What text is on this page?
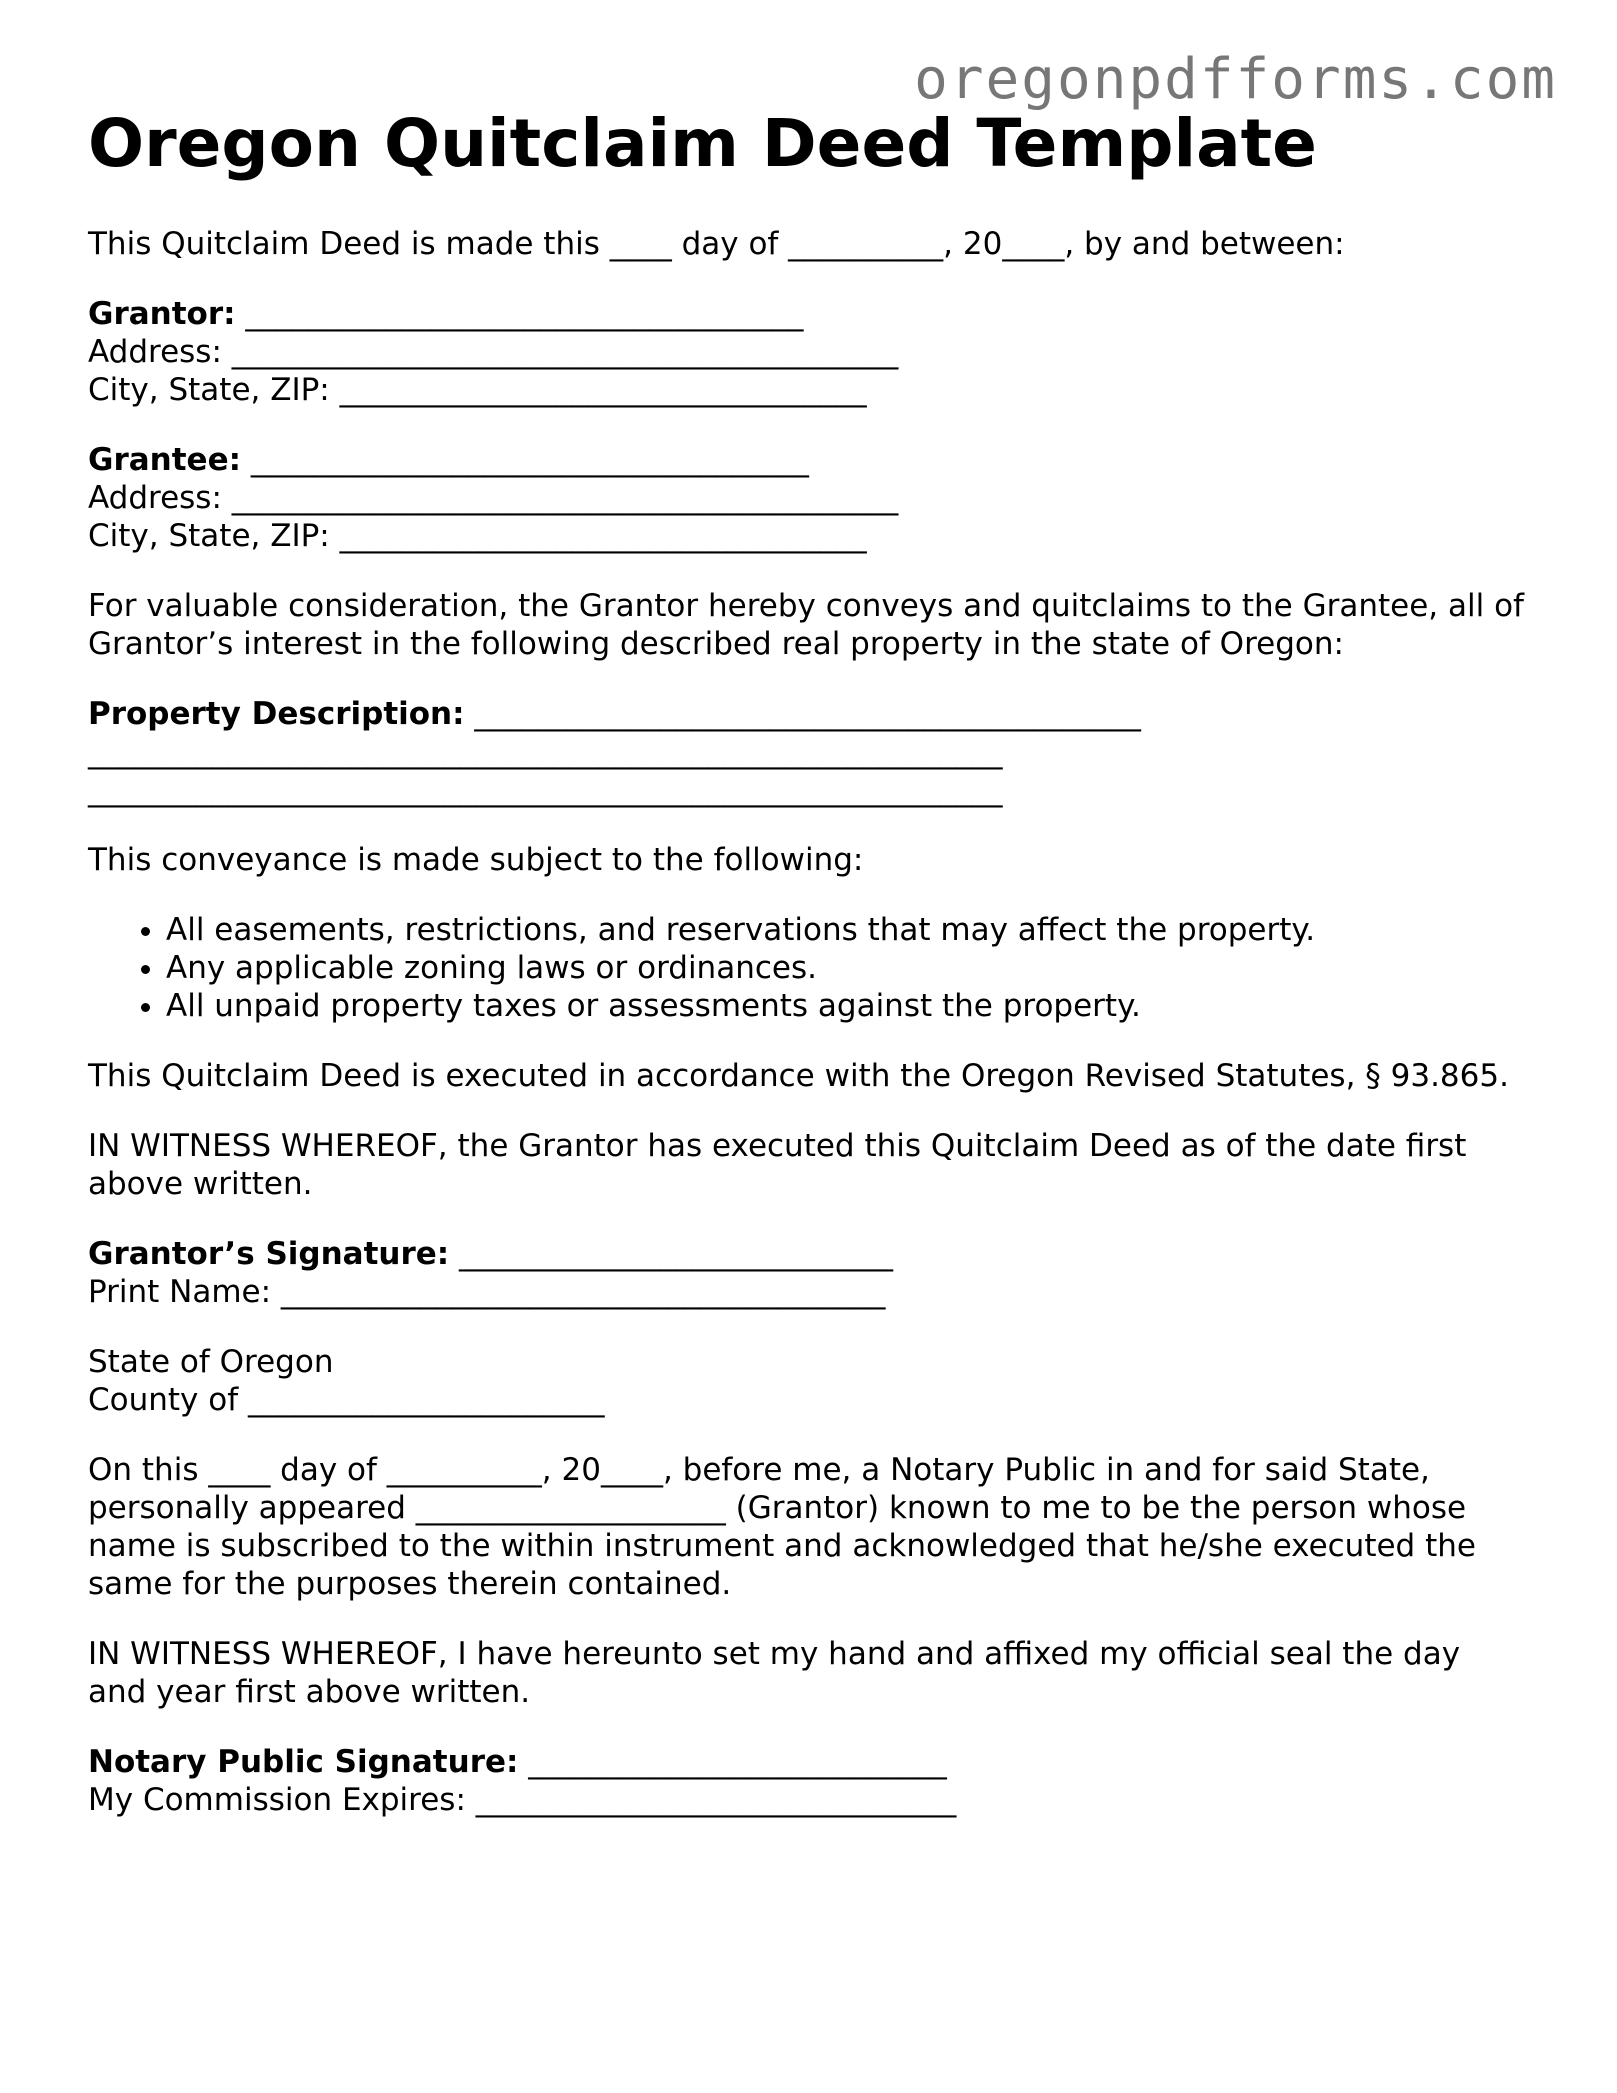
oregonpdfforms.com
Oregon Quitclaim Deed Template

This Quitclaim Deed is made this ____ day of __________, 20____, by and between:

Grantor: ____________________________________
Address: ___________________________________________
City, State, ZIP: __________________________________
Grantee: ____________________________________
Address: ___________________________________________
City, State, ZIP: __________________________________

For valuable consideration, the Grantor hereby conveys and quitclaims to the Grantee, all of Grantor’s interest in the following described real property in the state of Oregon:

Property Description: ___________________________________________
___________________________________________________________
___________________________________________________________

This conveyance is made subject to the following:

• All easements, restrictions, and reservations that may affect the property.
• Any applicable zoning laws or ordinances.
• All unpaid property taxes or assessments against the property.

This Quitclaim Deed is executed in accordance with the Oregon Revised Statutes, § 93.865.

IN WITNESS WHEREOF, the Grantor has executed this Quitclaim Deed as of the date first above written.

Grantor’s Signature: ____________________________
Print Name: _______________________________________
State of Oregon
County of _______________________

On this ____ day of __________, 20____, before me, a Notary Public in and for said State, personally appeared ____________________ (Grantor) known to me to be the person whose name is subscribed to the within instrument and acknowledged that he/she executed the same for the purposes therein contained.

IN WITNESS WHEREOF, I have hereunto set my hand and affixed my official seal the day and year first above written.

Notary Public Signature: ___________________________
My Commission Expires: _______________________________
